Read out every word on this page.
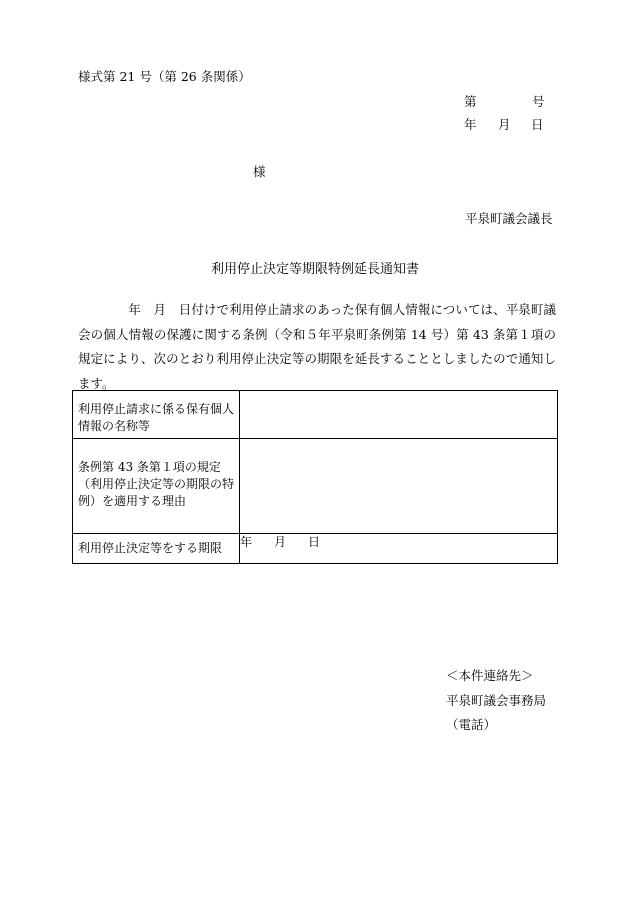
様式第 21 号（第 26 条関係）
第	号
年 月 日
様
平泉町議会議長
利用停止決定等期限特例延長通知書
　　　　年　月　日付けで利用停止請求のあった保有個人情報については、平泉町議会の個人情報の保護に関する条例（令和５年平泉町条例第 14 号）第 43 条第１項の規定により、次のとおり利用停止決定等の期限を延長することとしましたので通知します。
利用停止請求に係る保有個人情報の名称等	
条例第 43 条第１項の規定（利用停止決定等の期限の特例）を適用する理由	
利用停止決定等をする期限	年 月 日
＜本件連絡先＞
平泉町議会事務局
（電話）
